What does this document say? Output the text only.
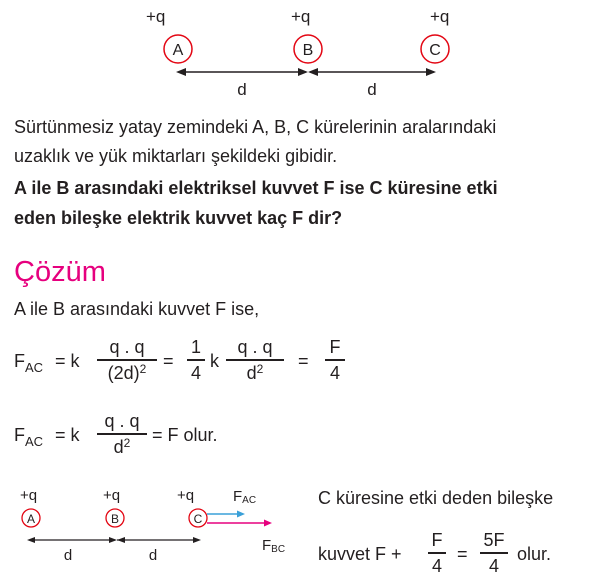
+q	+q	+q
A	B	C
d	d
Sürtünmesiz yatay zemindeki A, B, C kürelerinin aralarındaki
uzaklık ve yük miktarları şekildeki gibidir.
A ile B arasındaki elektriksel kuvvet F ise C küresine etki
eden bileşke elektrik kuvvet kaç F dir?
Çözüm
A ile B arasındaki kuvvet F ise,
$F_{AC} = k$
q . q
$(2d)^2$ =
1
4
k
q . q
$d^2$	=
F
4
$F_{AC} = k$
q . q
$d^2$	= F olur.
+q	+q	+q
A	B	C
FAC
FBC
d	d
C küresine etki deden bileşke
kuvvet F +
F
4
=
5F
4
olur.
